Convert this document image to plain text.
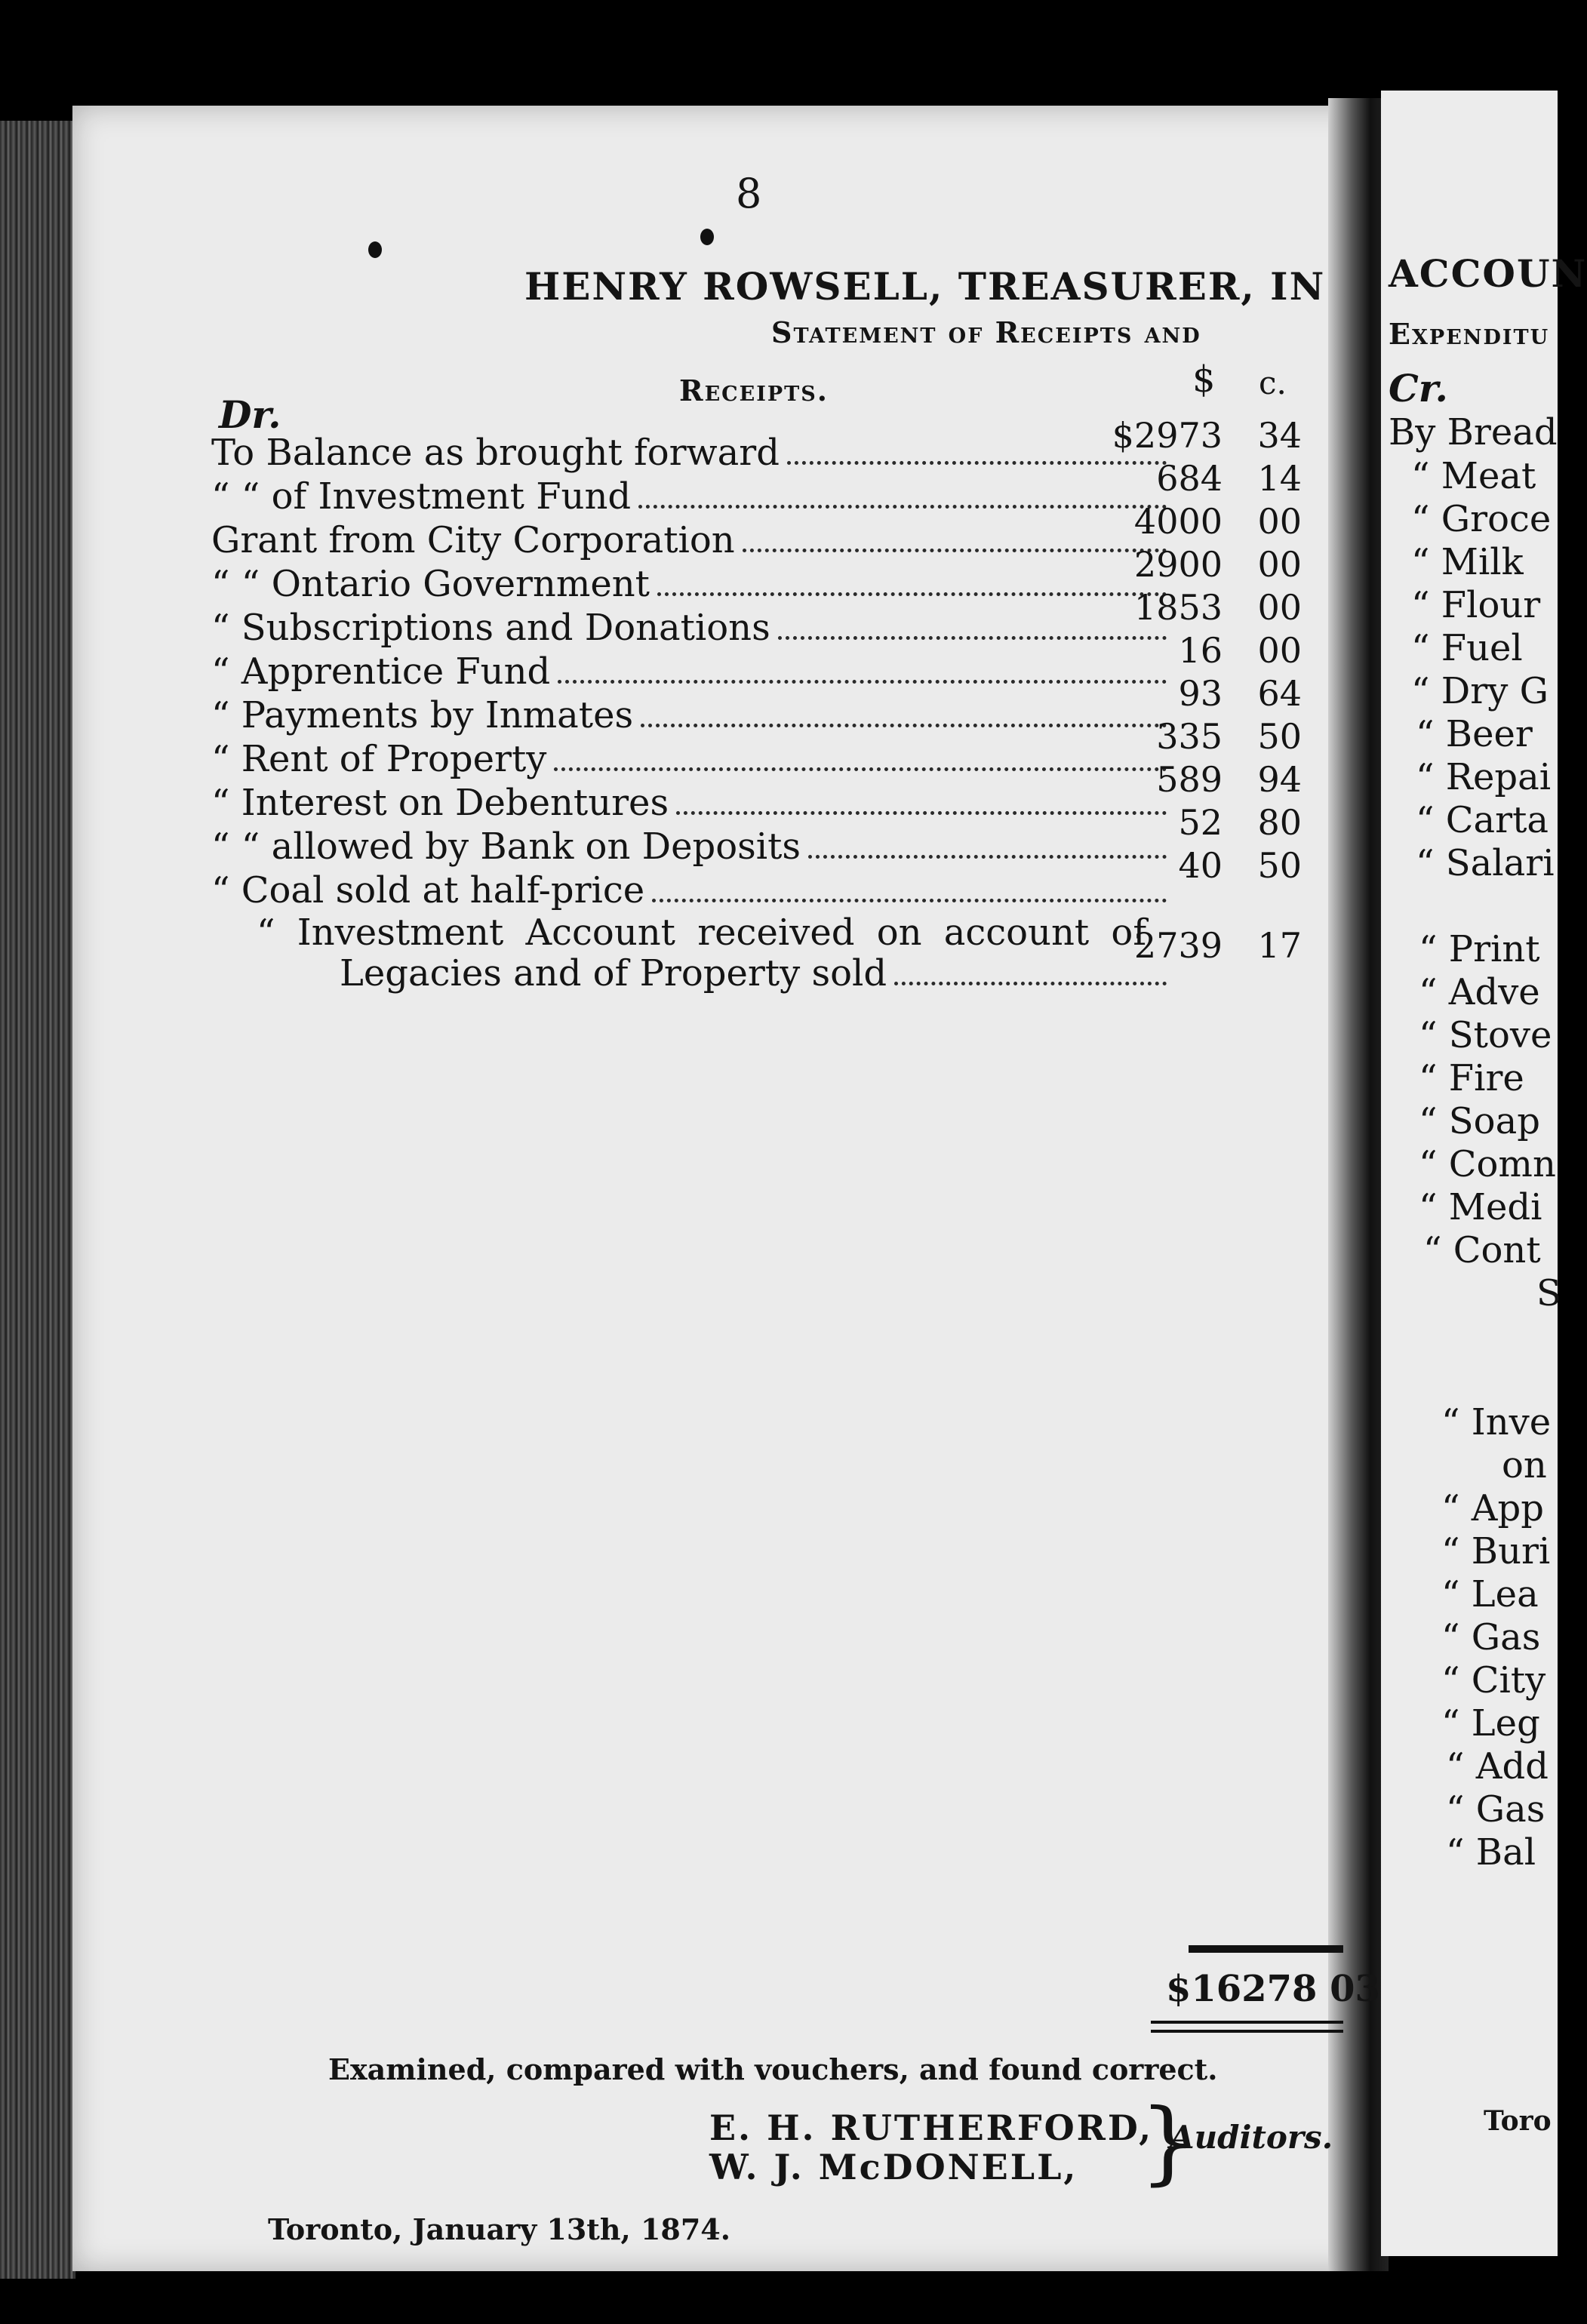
8
HENRY ROWSELL, TREASURER, IN
Statement of Receipts and
Dr.
Receipts.	$ c.
To Balance as brought forward
“ “ of Investment Fund
Grant from City Corporation
“ “ Ontario Government
“ Subscriptions and Donations
“ Apprentice Fund
“ Payments by Inmates
“ Rent of Property
“ Interest on Debentures
“ “ allowed by Bank on Deposits
“ Coal sold at half-price
$2973 34
684 14
4000 00
2900 00
1853 00
16 00
93 64
335 50
589 94
52 80
40 50
“ Investment Account received on account of
Legacies and of Property sold
2739 17
$16278 03
Examined, compared with vouchers, and found correct.
E. H. RUTHERFORD,
W. J. McDONELL, }
Auditors.
Toronto, January 13th, 1874.
ACCOUN
Expenditu
Cr.
By Bread
“ Meat
“ Groce
“ Milk
“ Flour
“ Fuel
“ Dry G
“ Beer
“ Repai
“ Carta
“ Salari
“ Print
“ Adve
“ Stove
“ Fire
“ Soap
“ Comn
“ Medi
“ Cont
S
“ Inve
on
“ App
“ Buri
“ Lea
“ Gas
“ City
“ Leg
“ Add
“ Gas
“ Bal
Toro
